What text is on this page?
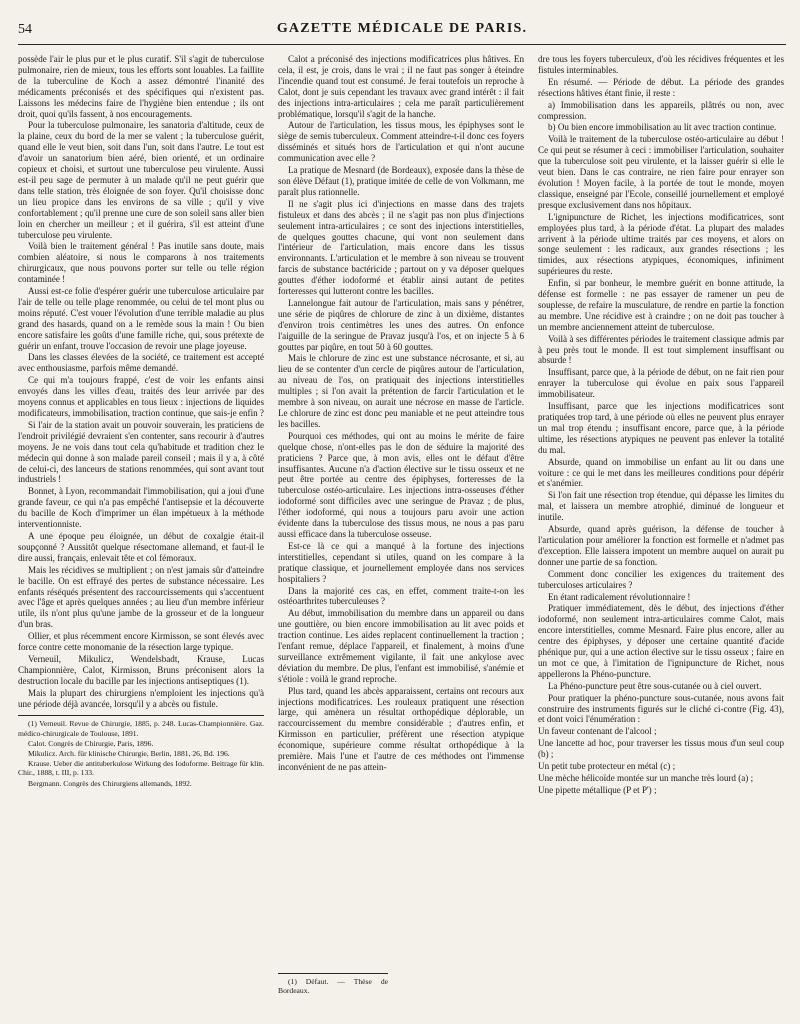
54	GAZETTE MÉDICALE DE PARIS.

possède l'air le plus pur et le plus curatif. S'il s'agit de tuberculose pulmonaire, rien de mieux, tous les efforts sont louables. La faillite de la tuberculine de Koch a assez démontré l'inanité des médicaments préconisés et des spécifiques qui n'existent pas. Laissons les médecins faire de l'hygiène bien entendue ; ils ont droit, quoi qu'ils fassent, à nos encouragements.

Pour la tuberculose pulmonaire, les sanatoria d'altitude, ceux de la plaine, ceux du bord de la mer se valent ; la tuberculose guérit, quand elle le veut bien, soit dans l'un, soit dans l'autre. Le tout est d'avoir un sanatorium bien aéré, bien orienté, et un ordinaire copieux et choisi, et surtout une tuberculose peu virulente. Aussi est-il peu sage de permuter à un malade qu'il ne peut guérir que dans telle station, très éloignée de son foyer. Qu'il choisisse donc un lieu propice dans les environs de sa ville ; qu'il y vive confortablement ; qu'il prenne une cure de son soleil sans aller bien loin en chercher un meilleur ; et il guérira, s'il est atteint d'une tuberculose peu virulente.

Voilà bien le traitement général ! Pas inutile sans doute, mais combien aléatoire, si nous le comparons à nos traitements chirurgicaux, que nous pouvons porter sur telle ou telle région contaminée !

Aussi est-ce folie d'espérer guérir une tuberculose articulaire par l'air de telle ou telle plage renommée, ou celui de tel mont plus ou moins réputé. C'est vouer l'évolution d'une terrible maladie au plus grand des hasards, quand on a le remède sous la main ! Ou bien encore satisfaire les goûts d'une famille riche, qui, sous prétexte de guérir un enfant, trouve l'occasion de revoir une plage joyeuse.

Dans les classes élevées de la société, ce traitement est accepté avec enthousiasme, parfois même demandé.

Ce qui m'a toujours frappé, c'est de voir les enfants ainsi envoyés dans les villes d'eau, traités des leur arrivée par des moyens connus et applicables en tous lieux : injections de liquides modificateurs, immobilisation, traction continue, que sais-je enfin ?

Si l'air de la station avait un pouvoir souverain, les praticiens de l'endroit privilégié devraient s'en contenter, sans recourir à d'autres moyens. Je ne vois dans tout cela qu'habitude et tradition chez le médecin qui donne à son malade pareil conseil ; mais il y a, à côté de celui-ci, des lanceurs de stations renommées, qui sont avant tout industriels !

Bonnet, à Lyon, recommandait l'immobilisation, qui a joui d'une grande faveur, ce qui n'a pas empêché l'antisepsie et la découverte du bacille de Koch d'imprimer un élan impétueux à la méthode interventionniste.

A une époque peu éloignée, un début de coxalgie était-il soupçonné ? Aussitôt quelque résectomane allemand, et faut-il le dire aussi, français, enlevait tête et col fémoraux.

Mais les récidives se multiplient ; on n'est jamais sûr d'atteindre le bacille. On est effrayé des pertes de substance nécessaire. Les enfants réséqués présentent des raccourcissements qui s'accentuent avec l'âge et après quelques années ; au lieu d'un membre inférieur utile, ils n'ont plus qu'une jambe de la grosseur et de la longueur d'un bras.

Ollier, et plus récemment encore Kirmisson, se sont élevés avec force contre cette monomanie de la résection large typique.

Verneuil, Mikulicz, Wendelsbadt, Krause, Lucas Championnière, Calot, Kirmisson, Bruns préconisent alors la destruction locale du bacille par les injections antiseptiques (1).

Mais la plupart des chirurgiens n'emploient les injections qu'à une période déjà avancée, lorsqu'il y a abcès ou fistule.

(1) Verneuil. Revue de Chirurgie, 1885, p. 248. Lucas-Championnière. Gaz. médico-chirurgicale de Toulouse, 1891.

Calot. Congrès de Chirurgie, Paris, 1896.

Mikulicz. Arch. für klinische Chirurgie, Berlin, 1881, 26, Bd. 196.

Krause. Ueber die antituberkulose Wirkung des Iodoforme. Beitrage für klin. Chir., 1888, t. III, p. 133.

Bergmann. Congrès des Chirurgiens allemands, 1892.

Calot a préconisé des injections modificatrices plus hâtives. En cela, il est, je crois, dans le vrai ; il ne faut pas songer à éteindre l'incendie quand tout est consumé. Je ferai toutefois un reproche à Calot, dont je suis cependant les travaux avec grand intérêt : il fait des injections intra-articulaires ; cela me paraît particulièrement problématique, lorsqu'il s'agit de la hanche.

Autour de l'articulation, les tissus mous, les épiphyses sont le siège de semis tuberculeux. Comment atteindre-t-il donc ces foyers disséminés et situés hors de l'articulation et qui n'ont aucune communication avec elle ?

La pratique de Mesnard (de Bordeaux), exposée dans la thèse de son élève Défaut (1), pratique imitée de celle de von Volkmann, me paraît plus rationnelle.

Il ne s'agit plus ici d'injections en masse dans des trajets fistuleux et dans des abcès ; il ne s'agit pas non plus d'injections seulement intra-articulaires ; ce sont des injections interstitielles, de quelques gouttes chacune, qui vont non seulement dans l'intérieur de l'articulation, mais encore dans les tissus environnants. L'articulation et le membre à son niveau se trouvent farcis de substance bactéricide ; partout on y va déposer quelques gouttes d'éther iodoformé et établir ainsi autant de petites forteresses qui lutteront contre les bacilles.

Lannelongue fait autour de l'articulation, mais sans y pénétrer, une série de piqûres de chlorure de zinc à un dixième, distantes d'environ trois centimètres les unes des autres. On enfonce l'aiguille de la seringue de Pravaz jusqu'à l'os, et on injecte 5 à 6 gouttes par piqûre, en tout 50 à 60 gouttes.

Mais le chlorure de zinc est une substance nécrosante, et si, au lieu de se contenter d'un cercle de piqûres autour de l'articulation, au niveau de l'os, on pratiquait des injections interstitielles multiples ; si l'on avait la prétention de farcir l'articulation et le membre à son niveau, on aurait une nécrose en masse de l'article. Le chlorure de zinc est donc peu maniable et ne peut atteindre tous les bacilles.

Pourquoi ces méthodes, qui ont au moins le mérite de faire quelque chose, n'ont-elles pas le don de séduire la majorité des praticiens ? Parce que, à mon avis, elles ont le défaut d'être insuffisantes. Aucune n'a d'action élective sur le tissu osseux et ne peut être portée au centre des épiphyses, forteresses de la tuberculose ostéo-articulaire. Les injections intra-osseuses d'éther iodoformé sont difficiles avec une seringue de Pravaz ; de plus, l'éther iodoformé, qui nous a toujours paru avoir une action évidente dans la tuberculose des tissus mous, ne nous a pas paru aussi efficace dans la tuberculose osseuse.

Est-ce là ce qui a manqué à la fortune des injections interstitielles, cependant si utiles, quand on les compare à la pratique classique, et journellement employée dans nos services hospitaliers ?

Dans la majorité ces cas, en effet, comment traite-t-on les ostéoarthrites tuberculeuses ?

Au début, immobilisation du membre dans un appareil ou dans une gouttière, ou bien encore immobilisation au lit avec poids et traction continue. Les aides replacent continuellement la traction ; l'enfant remue, déplace l'appareil, et finalement, à moins d'une surveillance extrêmement vigilante, il fait une ankylose avec déviation du membre. De plus, l'enfant est immobilisé, s'anémie et s'étiole : voilà le grand reproche.

Plus tard, quand les abcès apparaissent, certains ont recours aux injections modificatrices. Les rouleaux pratiquent une résection large, qui amènera un résultat orthopédique déplorable, un raccourcissement du membre considérable ; d'autres enfin, et Kirmisson en particulier, préfèrent une résection atypique économique, supérieure comme résultat orthopédique à la première. Mais l'une et l'autre de ces méthodes ont l'immense inconvénient de ne pas attein-

(1) Défaut. — Thèse de Bordeaux.

dre tous les foyers tuberculeux, d'où les récidives fréquentes et les fistules interminables.

En résumé. — Période de début. La période des grandes résections hâtives étant finie, il reste :

a) Immobilisation dans les appareils, plâtrés ou non, avec compression.

b) Ou bien encore immobilisation au lit avec traction continue.

Voilà le traitement de la tuberculose ostéo-articulaire au début ! Ce qui peut se résumer à ceci : immobiliser l'articulation, souhaiter que la tuberculose soit peu virulente, et la laisser guérir si elle le veut bien. Dans le cas contraire, ne rien faire pour enrayer son évolution ! Moyen facile, à la portée de tout le monde, moyen classique, enseigné par l'Ecole, conseillé journellement et employé presque exclusivement dans nos hôpitaux.

L'ignipuncture de Richet, les injections modificatrices, sont employées plus tard, à la période d'état. La plupart des malades arrivent à la période ultime traités par ces moyens, et alors on songe seulement : les radicaux, aux grandes résections ; les timides, aux résections atypiques, économiques, infiniment supérieures du reste.

Enfin, si par bonheur, le membre guérit en bonne attitude, la défense est formelle : ne pas essayer de ramener un peu de souplesse, de refaire la musculature, de rendre en partie la fonction au membre. Une récidive est à craindre ; on ne doit pas toucher à un membre anciennement atteint de tuberculose.

Voilà à ses différentes périodes le traitement classique admis par à peu près tout le monde. Il est tout simplement insuffisant ou absurde !

Insuffisant, parce que, à la période de début, on ne fait rien pour enrayer la tuberculose qui évolue en paix sous l'appareil immobilisateur.

Insuffisant, parce que les injections modificatrices sont pratiquées trop tard, à une période où elles ne peuvent plus enrayer un mal trop étendu ; insuffisant encore, parce que, à la période ultime, les résections atypiques ne peuvent pas enlever la totalité du mal.

Absurde, quand on immobilise un enfant au lit ou dans une voiture : ce qui le met dans les meilleures conditions pour dépérir et s'anémier.

Si l'on fait une résection trop étendue, qui dépasse les limites du mal, et laissera un membre atrophié, diminué de longueur et inutile.

Absurde, quand après guérison, la défense de toucher à l'articulation pour améliorer la fonction est formelle et n'admet pas d'exception. Elle laissera impotent un membre auquel on aurait pu donner une partie de sa fonction.

Comment donc concilier les exigences du traitement des tuberculoses articulaires ?

En étant radicalement révolutionnaire !

Pratiquer immédiatement, dès le début, des injections d'éther iodoformé, non seulement intra-articulaires comme Calot, mais encore interstitielles, comme Mesnard. Faire plus encore, aller au centre des épiphyses, y déposer une certaine quantité d'acide phénique pur, qui a une action élective sur le tissu osseux ; faire en un mot ce que, à l'imitation de l'ignipuncture de Richet, nous appellerons la Phéno-puncture.

La Phéno-puncture peut être sous-cutanée ou à ciel ouvert.

Pour pratiquer la phéno-puncture sous-cutanée, nous avons fait construire des instruments figurés sur le cliché ci-contre (Fig. 43), et dont voici l'énumération :

Un faveur contenant de l'alcool ;

Une lancette ad hoc, pour traverser les tissus mous d'un seul coup (b) ;

Un petit tube protecteur en métal (c) ;

Une mèche hélicoïde montée sur un manche très lourd (a) ;

Une pipette métallique (P et P') ;
